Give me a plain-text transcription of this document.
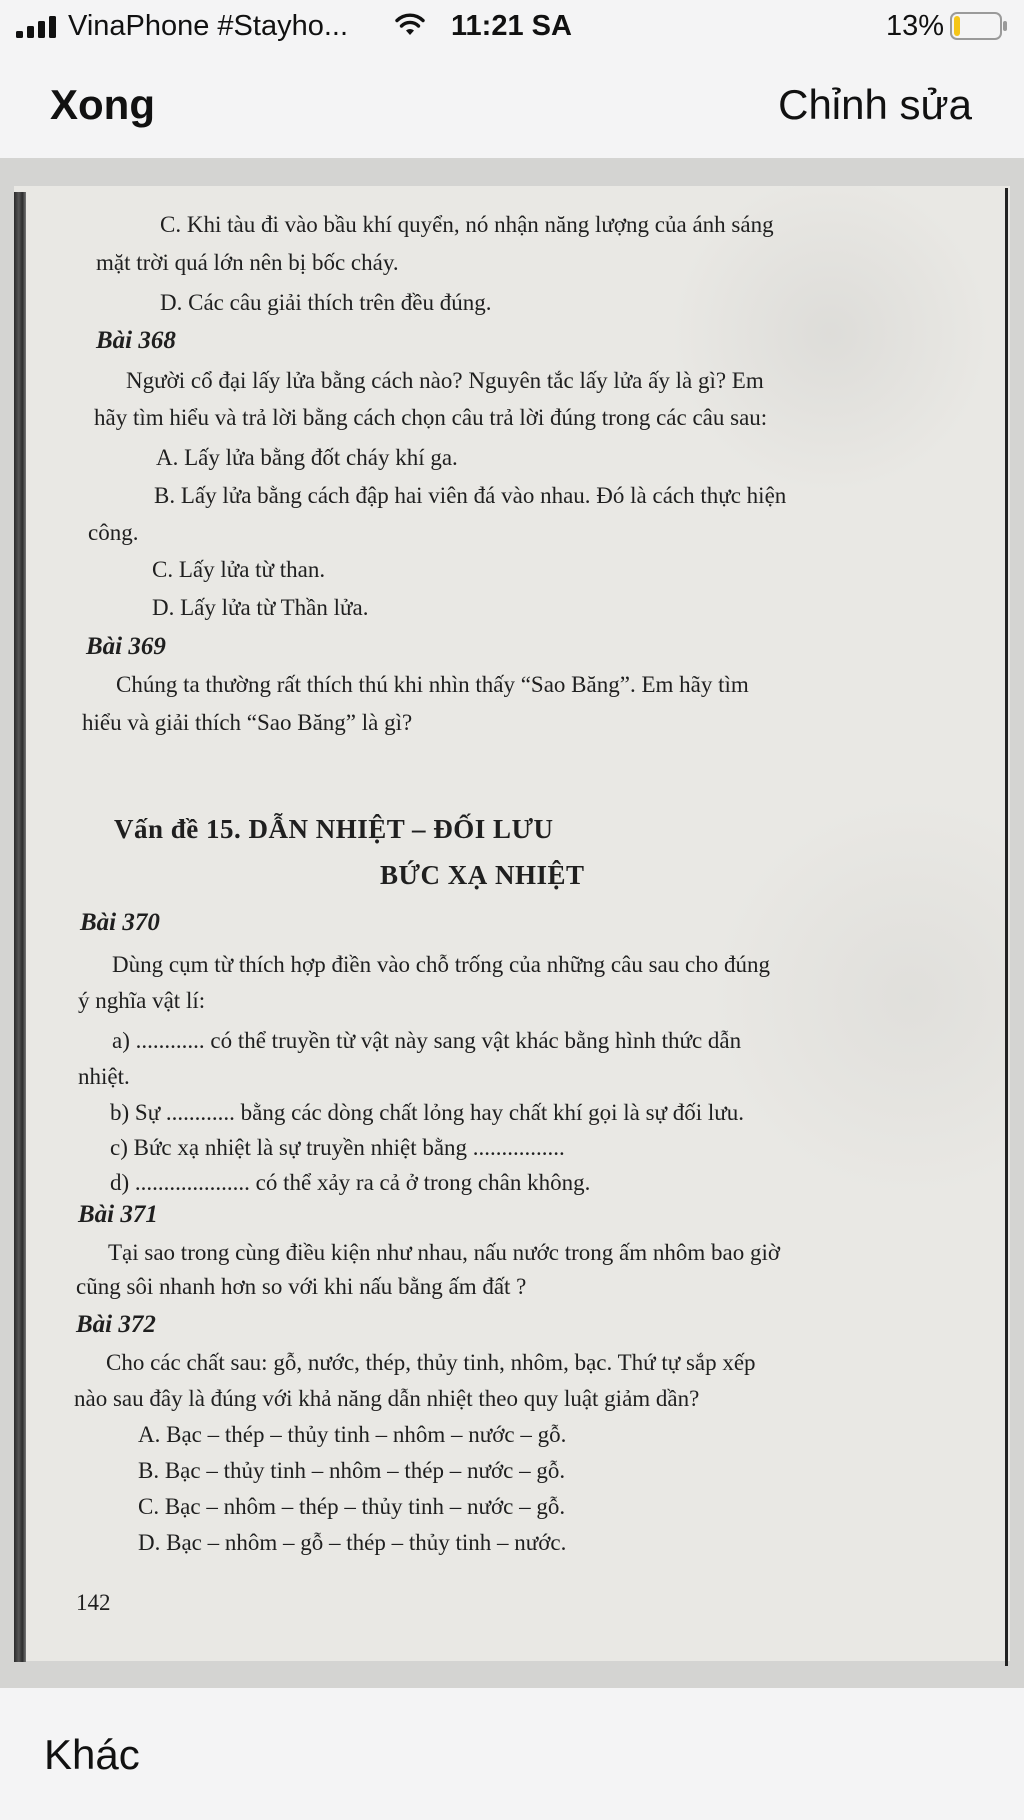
VinaPhone #Stayho...	11:21 SA	13%
Xong	Chỉnh sửa
C. Khi tàu đi vào bầu khí quyển, nó nhận năng lượng của ánh sáng
mặt trời quá lớn nên bị bốc cháy.
D. Các câu giải thích trên đều đúng.
Bài 368
Người cổ đại lấy lửa bằng cách nào? Nguyên tắc lấy lửa ấy là gì? Em
hãy tìm hiểu và trả lời bằng cách chọn câu trả lời đúng trong các câu sau:
A. Lấy lửa bằng đốt cháy khí ga.
B. Lấy lửa bằng cách đập hai viên đá vào nhau. Đó là cách thực hiện
công.
C. Lấy lửa từ than.
D. Lấy lửa từ Thần lửa.
Bài 369
Chúng ta thường rất thích thú khi nhìn thấy “Sao Băng”. Em hãy tìm
hiểu và giải thích “Sao Băng” là gì?
Vấn đề 15. DẪN NHIỆT – ĐỐI LƯU
BỨC XẠ NHIỆT
Bài 370
Dùng cụm từ thích hợp điền vào chỗ trống của những câu sau cho đúng
ý nghĩa vật lí:
a) ............ có thể truyền từ vật này sang vật khác bằng hình thức dẫn
nhiệt.
b) Sự ............ bằng các dòng chất lỏng hay chất khí gọi là sự đối lưu.
c) Bức xạ nhiệt là sự truyền nhiệt bằng ................
d) .................... có thể xảy ra cả ở trong chân không.
Bài 371
Tại sao trong cùng điều kiện như nhau, nấu nước trong ấm nhôm bao giờ
cũng sôi nhanh hơn so với khi nấu bằng ấm đất ?
Bài 372
Cho các chất sau: gỗ, nước, thép, thủy tinh, nhôm, bạc. Thứ tự sắp xếp
nào sau đây là đúng với khả năng dẫn nhiệt theo quy luật giảm dần?
A. Bạc – thép – thủy tinh – nhôm – nước – gỗ.
B. Bạc – thủy tinh – nhôm – thép – nước – gỗ.
C. Bạc – nhôm – thép – thủy tinh – nước – gỗ.
D. Bạc – nhôm – gỗ – thép – thủy tinh – nước.
142
Khác
